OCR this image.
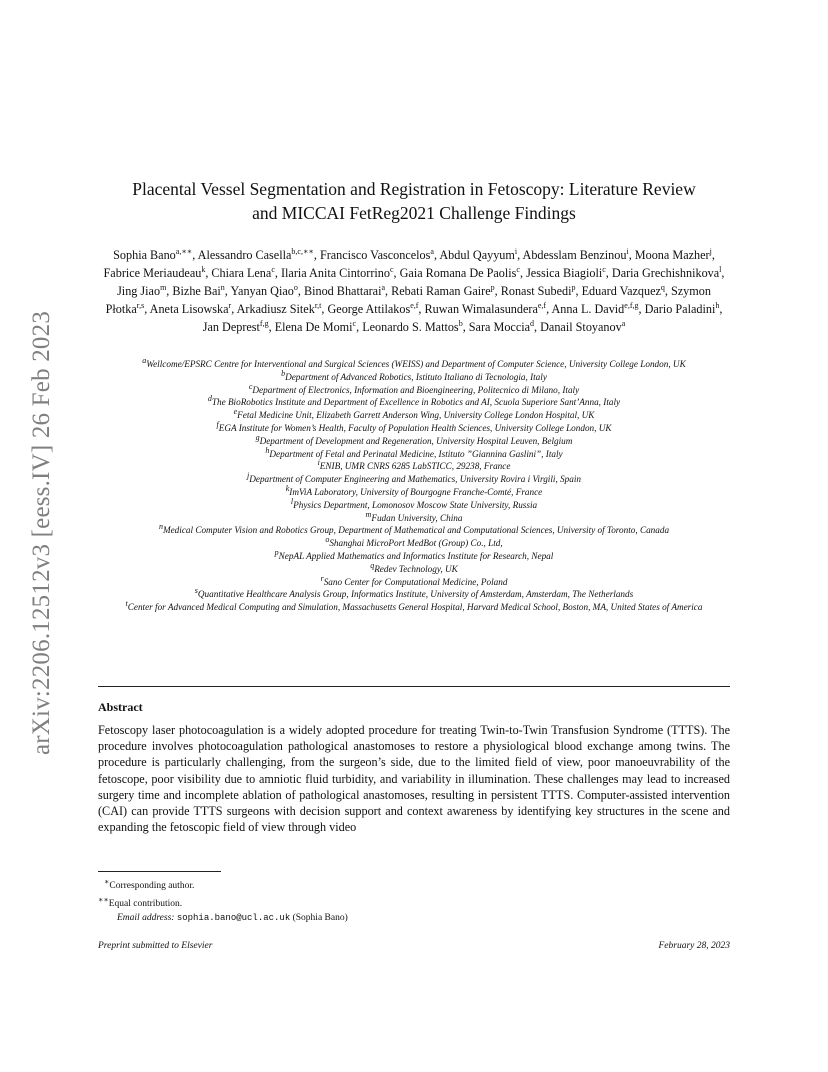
arXiv:2206.12512v3 [eess.IV] 26 Feb 2023
Placental Vessel Segmentation and Registration in Fetoscopy: Literature Review
and MICCAI FetReg2021 Challenge Findings
Sophia Bano$^{a,∗∗}$, Alessandro Casella$^{b,c,∗∗}$, Francisco Vasconcelos$^a$, Abdul Qayyum$^i$, Abdesslam Benzinou$^i$, Moona Mazher$^j$, Fabrice Meriaudeau$^k$, Chiara Lena$^c$, Ilaria Anita Cintorrino$^c$, Gaia Romana De Paolis$^c$, Jessica Biagioli$^c$, Daria Grechishnikova$^l$, Jing Jiao$^m$, Bizhe Bai$^n$, Yanyan Qiao$^o$, Binod Bhattarai$^a$, Rebati Raman Gaire$^p$, Ronast Subedi$^p$, Eduard Vazquez$^q$, Szymon Płotka$^{r,s}$, Aneta Lisowska$^r$, Arkadiusz Sitek$^{r,t}$, George Attilakos$^{e,f}$, Ruwan Wimalasundera$^{e,f}$, Anna L. David$^{e,f,g}$, Dario Paladini$^h$, Jan Deprest$^{f,g}$, Elena De Momi$^c$, Leonardo S. Mattos$^b$, Sara Moccia$^d$, Danail Stoyanov$^a$
$^a$Wellcome/EPSRC Centre for Interventional and Surgical Sciences (WEISS) and Department of Computer Science, University College London, UK
$^b$Department of Advanced Robotics, Istituto Italiano di Tecnologia, Italy
$^c$Department of Electronics, Information and Bioengineering, Politecnico di Milano, Italy
$^d$The BioRobotics Institute and Department of Excellence in Robotics and AI, Scuola Superiore Sant’Anna, Italy
$^e$Fetal Medicine Unit, Elizabeth Garrett Anderson Wing, University College London Hospital, UK
$^f$EGA Institute for Women’s Health, Faculty of Population Health Sciences, University College London, UK
$^g$Department of Development and Regeneration, University Hospital Leuven, Belgium
$^h$Department of Fetal and Perinatal Medicine, Istituto ”Giannina Gaslini”, Italy
$^i$ENIB, UMR CNRS 6285 LabSTICC, 29238, France
$^j$Department of Computer Engineering and Mathematics, University Rovira i Virgili, Spain
$^k$ImViA Laboratory, University of Bourgogne Franche-Comté, France
$^l$Physics Department, Lomonosov Moscow State University, Russia
$^m$Fudan University, China
$^n$Medical Computer Vision and Robotics Group, Department of Mathematical and Computational Sciences, University of Toronto, Canada
$^o$Shanghai MicroPort MedBot (Group) Co., Ltd,
$^p$NepAL Applied Mathematics and Informatics Institute for Research, Nepal
$^q$Redev Technology, UK
$^r$Sano Center for Computational Medicine, Poland
$^s$Quantitative Healthcare Analysis Group, Informatics Institute, University of Amsterdam, Amsterdam, The Netherlands
$^t$Center for Advanced Medical Computing and Simulation, Massachusetts General Hospital, Harvard Medical School, Boston, MA, United States of America
Abstract

Fetoscopy laser photocoagulation is a widely adopted procedure for treating Twin-to-Twin Transfusion Syndrome (TTTS). The procedure involves photocoagulation pathological anastomoses to restore a physiological blood exchange among twins. The procedure is particularly challenging, from the surgeon’s side, due to the limited field of view, poor manoeuvrability of the fetoscope, poor visibility due to amniotic fluid turbidity, and variability in illumination. These challenges may lead to increased surgery time and incomplete ablation of pathological anastomoses, resulting in persistent TTTS. Computer-assisted intervention (CAI) can provide TTTS surgeons with decision support and context awareness by identifying key structures in the scene and expanding the fetoscopic field of view through video

∗Corresponding author.
∗∗Equal contribution.
Email address: sophia.bano@ucl.ac.uk (Sophia Bano)
Preprint submitted to Elsevier	February 28, 2023
